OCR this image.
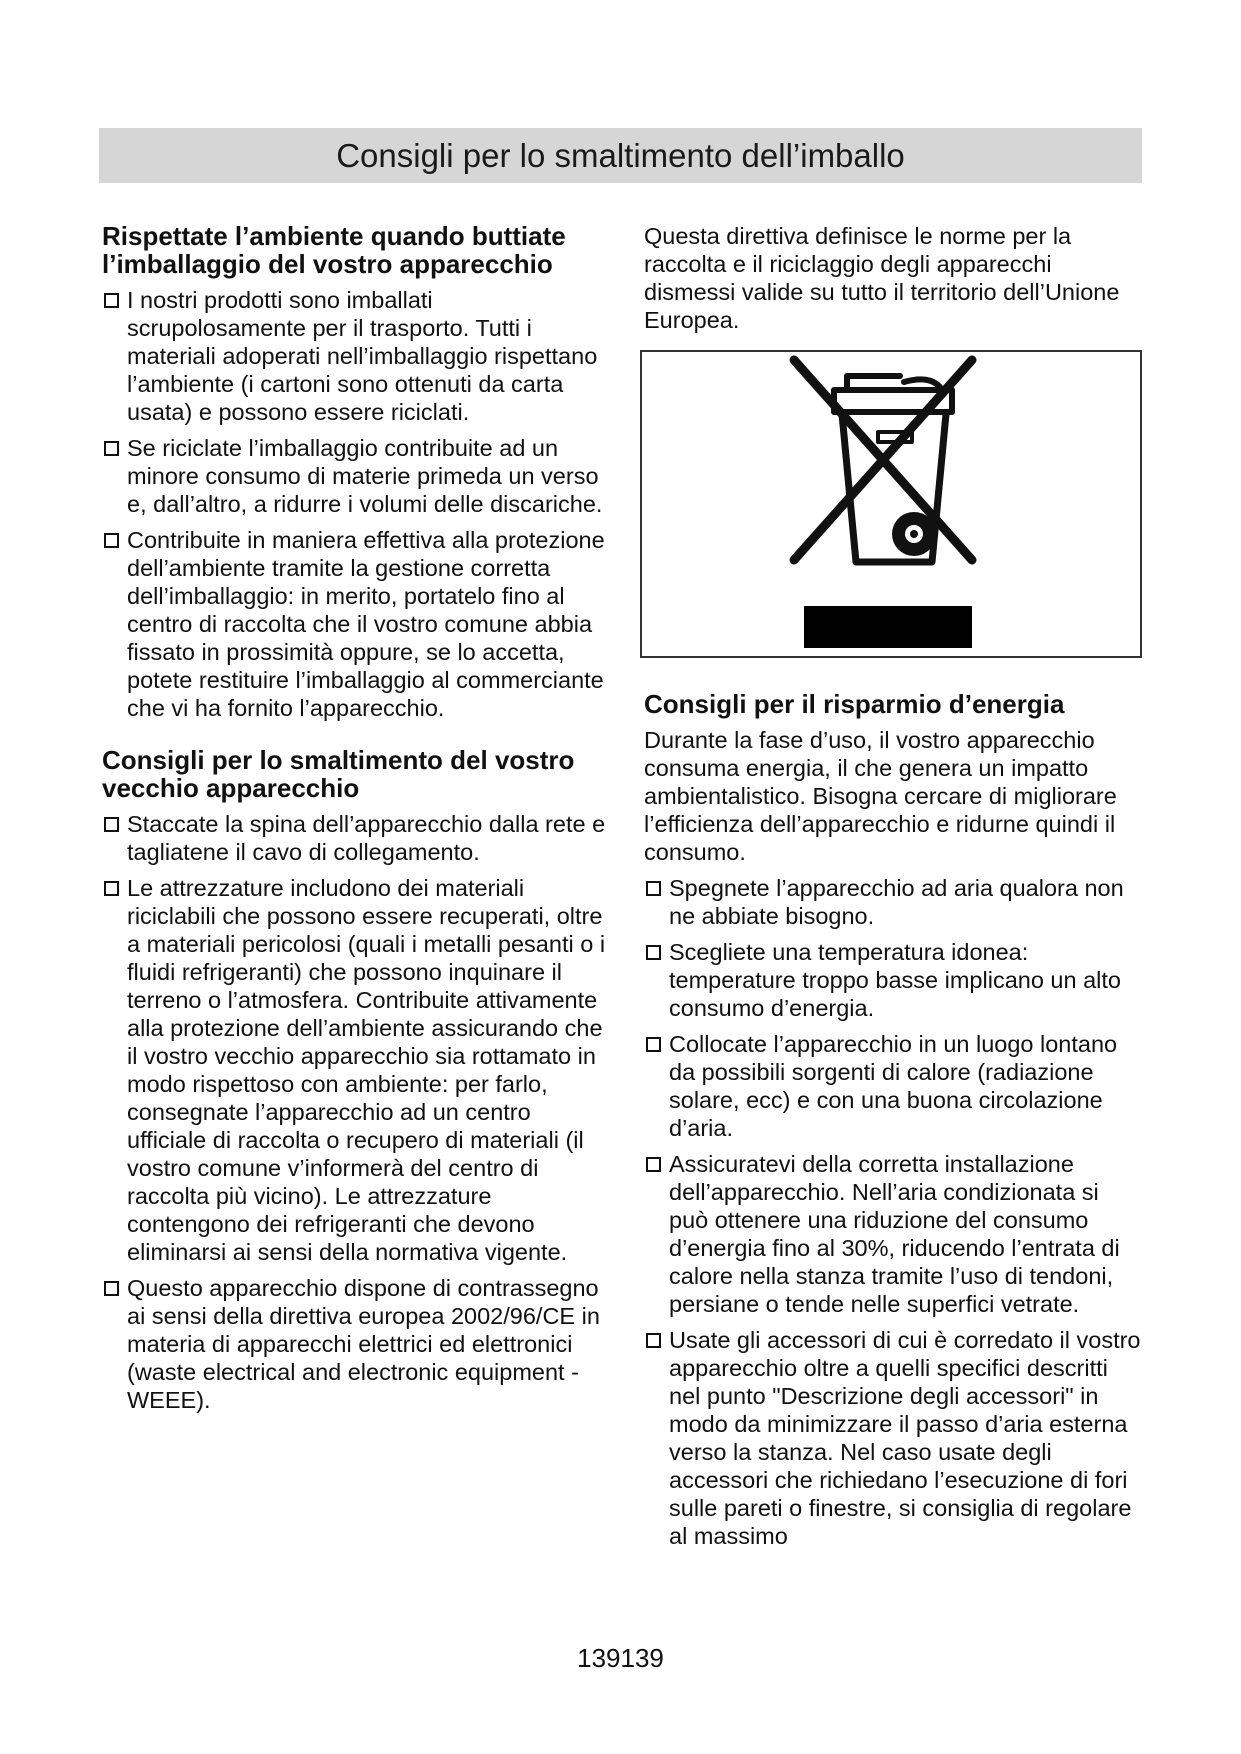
Consigli per lo smaltimento dell’imballo
Rispettate l’ambiente quando buttiate l’imballaggio del vostro apparecchio
I nostri prodotti sono imballati scrupolosamente per il trasporto. Tutti i materiali adoperati nell’imballaggio rispettano l’ambiente (i cartoni sono ottenuti da carta usata) e possono essere riciclati.
Se riciclate l’imballaggio contribuite ad un minore consumo di materie primeda un verso e, dall’altro, a ridurre i volumi delle discariche.
Contribuite in maniera effettiva alla protezione dell’ambiente tramite la gestione corretta dell’imballaggio: in merito, portatelo fino al centro di raccolta che il vostro comune abbia fissato in prossimità oppure, se lo accetta, potete restituire l’imballaggio al commerciante che vi ha fornito l’apparecchio.
Consigli per lo smaltimento del vostro vecchio apparecchio
Staccate la spina dell’apparecchio dalla rete e tagliatene il cavo di collegamento.
Le attrezzature includono dei materiali riciclabili che possono essere recuperati, oltre a materiali pericolosi (quali i metalli pesanti o i fluidi refrigeranti) che possono inquinare il terreno o l’atmosfera. Contribuite attivamente alla protezione dell’ambiente assicurando che il vostro vecchio apparecchio sia rottamato in modo rispettoso con ambiente: per farlo, consegnate l’apparecchio ad un centro ufficiale di raccolta o recupero di materiali (il vostro comune v’informerà del centro di raccolta più vicino). Le attrezzature contengono dei refrigeranti che devono eliminarsi ai sensi della normativa vigente.
Questo apparecchio dispone di contrassegno ai sensi della direttiva europea 2002/96/CE in materia di apparecchi elettrici ed elettronici (waste electrical and electronic equipment - WEEE).

Questa direttiva definisce le norme per la raccolta e il riciclaggio degli apparecchi dismessi valide su tutto il territorio dell’Unione Europea.

Consigli per il risparmio d’energia

Durante la fase d’uso, il vostro apparecchio consuma energia, il che genera un impatto ambientalistico. Bisogna cercare di migliorare l’efficienza dell’apparecchio e ridurne quindi il consumo.

Spegnete l’apparecchio ad aria qualora non ne abbiate bisogno.
Scegliete una temperatura idonea: temperature troppo basse implicano un alto consumo d’energia.
Collocate l’apparecchio in un luogo lontano da possibili sorgenti di calore (radiazione solare, ecc) e con una buona circolazione d’aria.
Assicuratevi della corretta installazione dell’apparecchio. Nell’aria condizionata si può ottenere una riduzione del consumo d’energia fino al 30%, riducendo l’entrata di calore nella stanza tramite l’uso di tendoni, persiane o tende nelle superfici vetrate.
Usate gli accessori di cui è corredato il vostro apparecchio oltre a quelli specifici descritti nel punto "Descrizione degli accessori" in modo da minimizzare il passo d’aria esterna verso la stanza. Nel caso usate degli accessori che richiedano l’esecuzione di fori sulle pareti o finestre, si consiglia di regolare al massimo
139139
